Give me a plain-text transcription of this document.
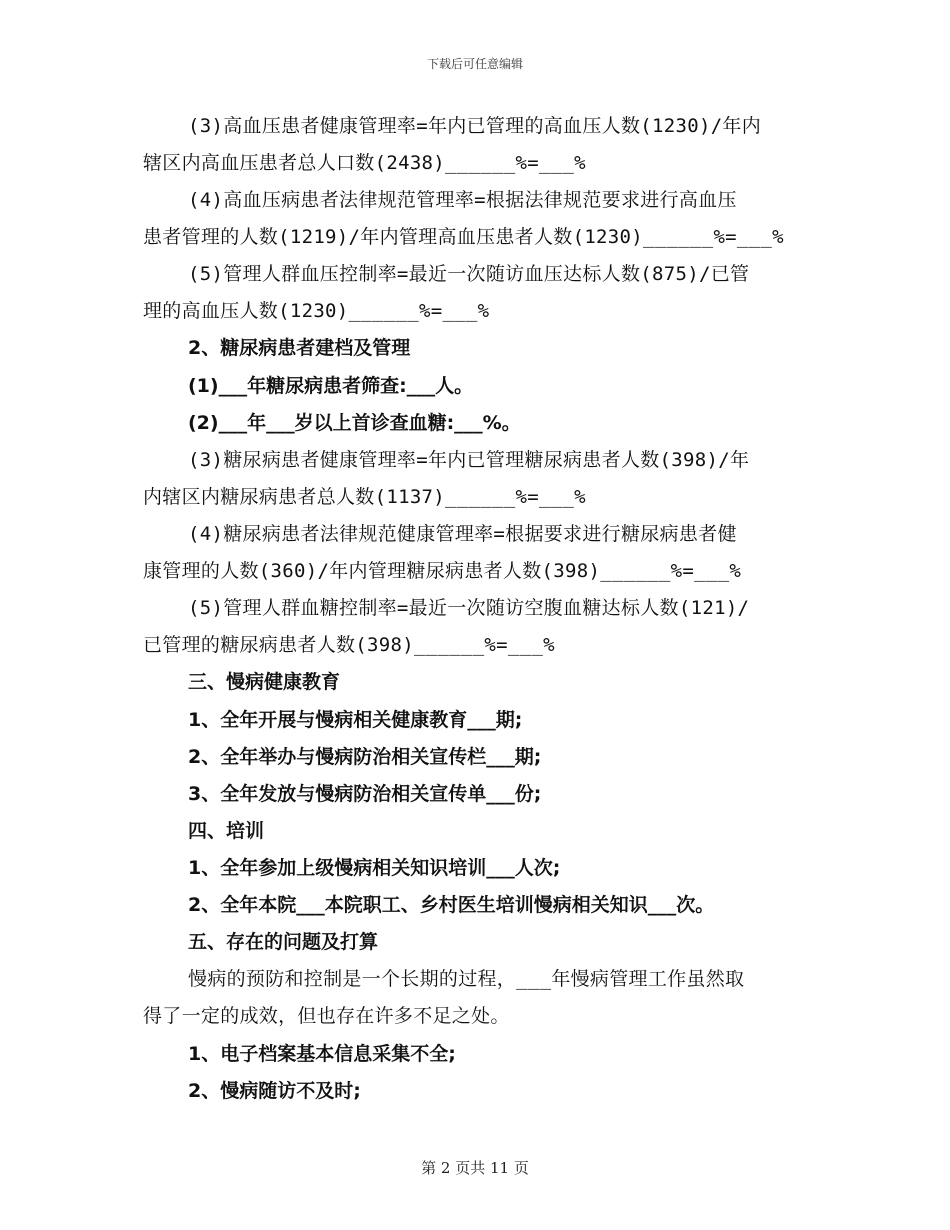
下载后可任意编辑
(3)高血压患者健康管理率=年内已管理的高血压人数(1230)/年内
辖区内高血压患者总人口数(2438)______%=___%
(4)高血压病患者法律规范管理率=根据法律规范要求进行高血压
患者管理的人数(1219)/年内管理高血压患者人数(1230)______%=___%
(5)管理人群血压控制率=最近一次随访血压达标人数(875)/已管
理的高血压人数(1230)______%=___%
2、糖尿病患者建档及管理
(1)___年糖尿病患者筛查:___人。
(2)___年___岁以上首诊查血糖:___%。
(3)糖尿病患者健康管理率=年内已管理糖尿病患者人数(398)/年
内辖区内糖尿病患者总人数(1137)______%=___%
(4)糖尿病患者法律规范健康管理率=根据要求进行糖尿病患者健
康管理的人数(360)/年内管理糖尿病患者人数(398)______%=___%
(5)管理人群血糖控制率=最近一次随访空腹血糖达标人数(121)/
已管理的糖尿病患者人数(398)______%=___%
三、慢病健康教育
1、全年开展与慢病相关健康教育___期;
2、全年举办与慢病防治相关宣传栏___期;
3、全年发放与慢病防治相关宣传单___份;
四、培训
1、全年参加上级慢病相关知识培训___人次;
2、全年本院___本院职工、乡村医生培训慢病相关知识___次。
五、存在的问题及打算
慢病的预防和控制是一个长期的过程，___年慢病管理工作虽然取
得了一定的成效，但也存在许多不足之处。
1、电子档案基本信息采集不全;
2、慢病随访不及时;
第 2 页共 11 页
